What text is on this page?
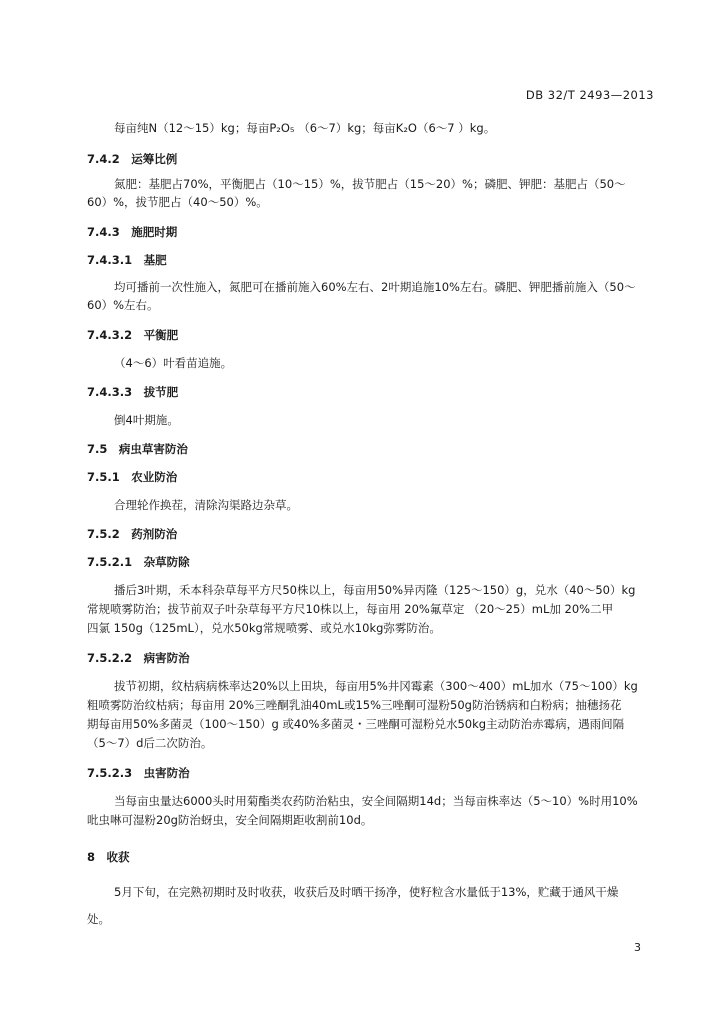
DB 32/T 2493—2013
每亩纯N（12～15）kg；每亩P₂O₅ （6～7）kg；每亩K₂O（6～7 ）kg。
7.4.2　运筹比例
氮肥：基肥占70%，平衡肥占（10～15）%，拔节肥占（15～20）%；磷肥、钾肥：基肥占（50～
60）%，拔节肥占（40～50）%。
7.4.3　施肥时期
7.4.3.1　基肥
均可播前一次性施入，氮肥可在播前施入60%左右、2叶期追施10%左右。磷肥、钾肥播前施入（50～
60）%左右。
7.4.3.2　平衡肥
（4～6）叶看苗追施。
7.4.3.3　拔节肥
倒4叶期施。
7.5　病虫草害防治
7.5.1　农业防治
合理轮作换茬，清除沟渠路边杂草。
7.5.2　药剂防治
7.5.2.1　杂草防除
播后3叶期，禾本科杂草每平方尺50株以上，每亩用50%异丙隆（125～150）g，兑水（40～50）kg
常规喷雾防治；拔节前双子叶杂草每平方尺10株以上，每亩用 20%氟草定 （20～25）mL加 20%二甲
四氯 150g（125mL），兑水50kg常规喷雾、或兑水10kg弥雾防治。
7.5.2.2　病害防治
拔节初期，纹枯病病株率达20%以上田块，每亩用5%井冈霉素（300～400）mL加水（75～100）kg
粗喷雾防治纹枯病；每亩用 20%三唑酮乳油40mL或15%三唑酮可湿粉50g防治锈病和白粉病；抽穗扬花
期每亩用50%多菌灵（100～150）g 或40%多菌灵・三唑酮可湿粉兑水50kg主动防治赤霉病，遇雨间隔
（5～7）d后二次防治。
7.5.2.3　虫害防治
当每亩虫量达6000头时用菊酯类农药防治粘虫，安全间隔期14d；当每亩株率达（5～10）%时用10%
吡虫啉可湿粉20g防治蚜虫，安全间隔期距收割前10d。
8　收获
5月下旬，在完熟初期时及时收获，收获后及时晒干扬净，使籽粒含水量低于13%，贮藏于通风干燥
处。
3
